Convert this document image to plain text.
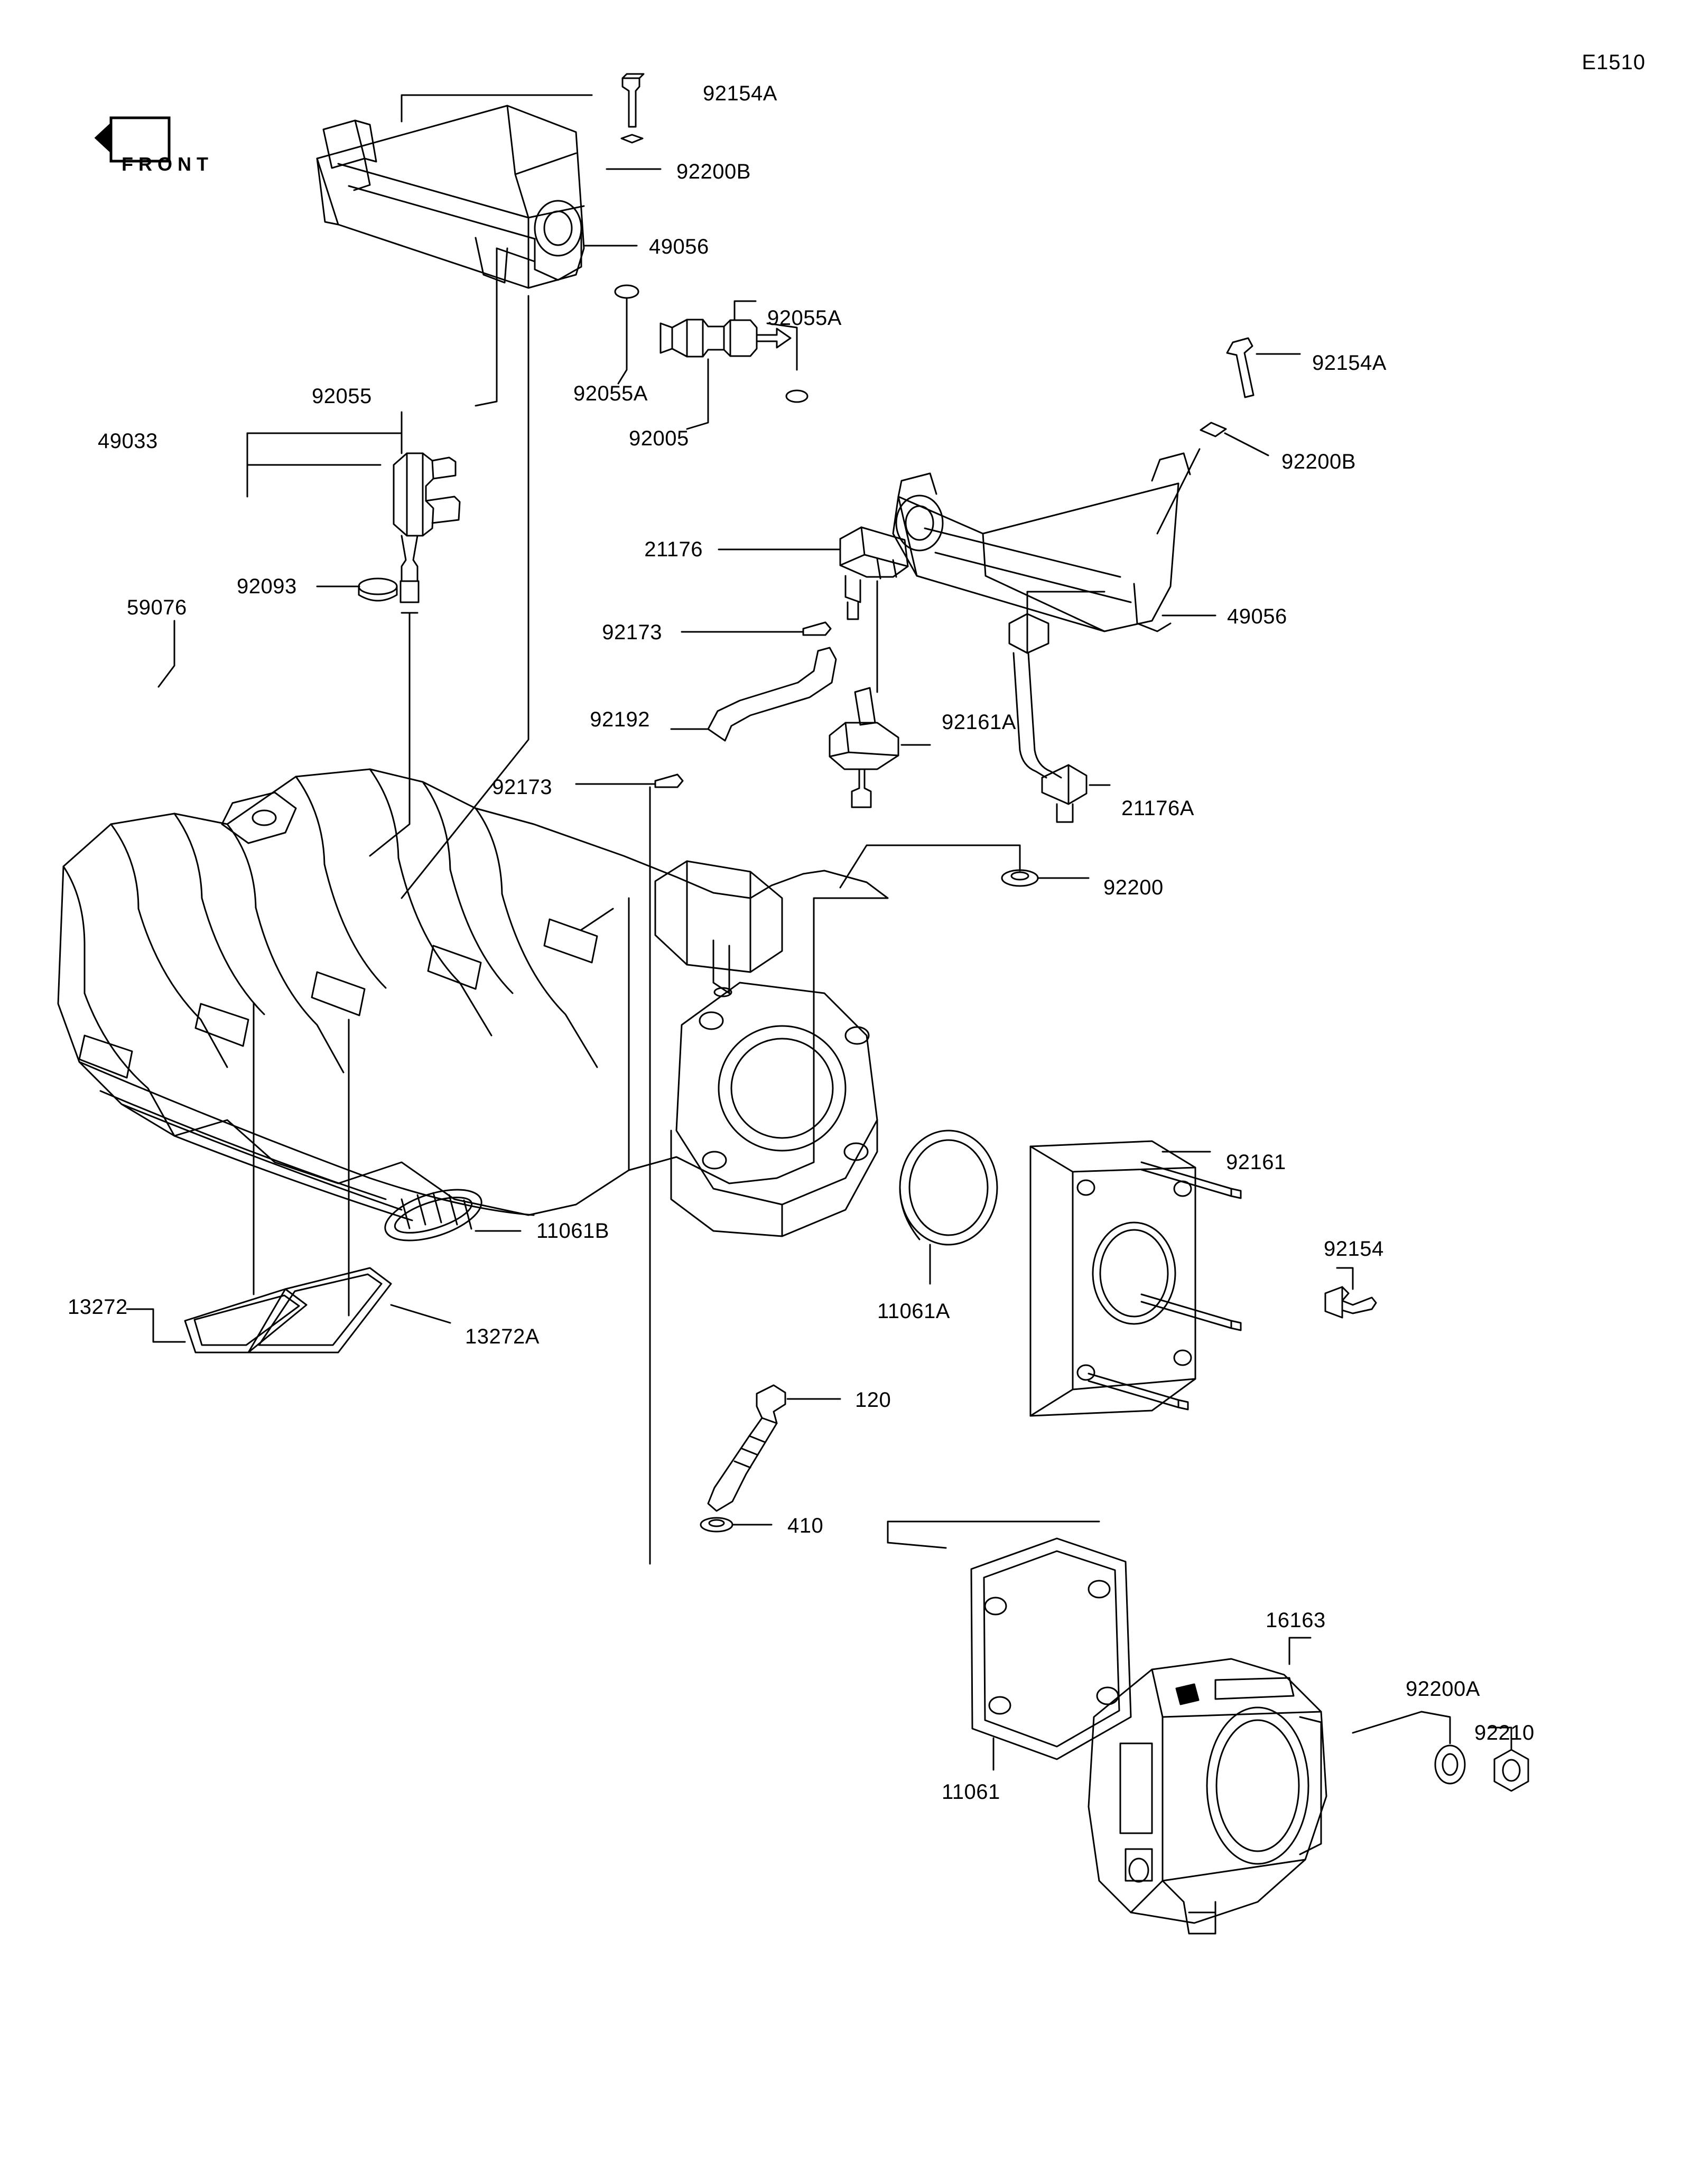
E1510
FRONT
92154A
92200B
49056
92055A
92055A
92005
92055
49033
92093
59076
92154A
92200B
49056
21176
92173
92192	92161A
92173
21176A
92200
92161
92154
11061B
13272
13272A
11061A
120
410
11061
16163
92200A
92210
